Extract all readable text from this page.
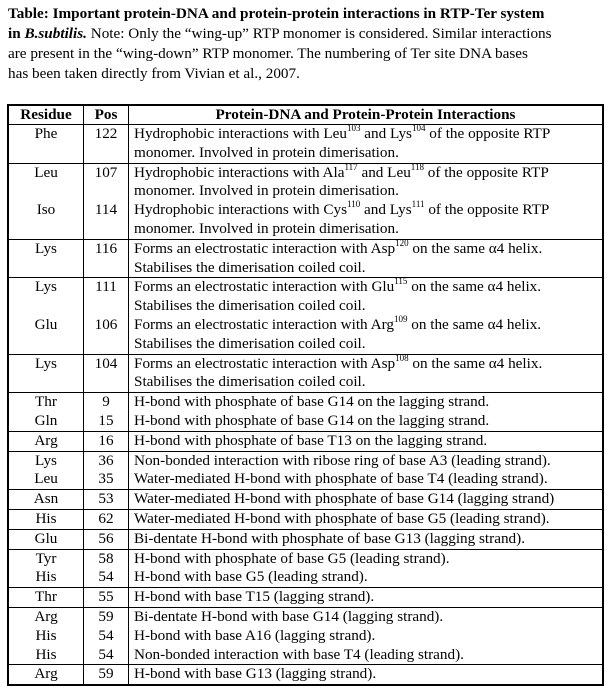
Table: Important protein-DNA and protein-protein interactions in RTP-Ter system
in B.subtilis. Note: Only the “wing-up” RTP monomer is considered. Similar interactions
are present in the “wing-down” RTP monomer. The numbering of Ter site DNA bases
has been taken directly from Vivian et al., 2007.
Residue	Pos	Protein-DNA and Protein-Protein Interactions
Phe	122	Hydrophobic interactions with Leu$^{103}$ and Lys$^{104}$ of the opposite RTP
monomer. Involved in protein dimerisation.

Leu	107	Hydrophobic interactions with Ala$^{117}$ and Leu$^{118}$ of the opposite RTP
monomer. Involved in protein dimerisation.

Iso	114	Hydrophobic interactions with Cys$^{110}$ and Lys$^{111}$ of the opposite RTP
monomer. Involved in protein dimerisation.

Lys	116	Forms an electrostatic interaction with Asp$^{120}$ on the same α4 helix.
Stabilises the dimerisation coiled coil.

Lys	111	Forms an electrostatic interaction with Glu$^{115}$ on the same α4 helix.
Stabilises the dimerisation coiled coil.

Glu	106	Forms an electrostatic interaction with Arg$^{109}$ on the same α4 helix.
Stabilises the dimerisation coiled coil.

Lys	104	Forms an electrostatic interaction with Asp$^{108}$ on the same α4 helix.
Stabilises the dimerisation coiled coil.

Thr	9	H-bond with phosphate of base G14 on the lagging strand.

Gln	15	H-bond with phosphate of base G14 on the lagging strand.

Arg	16	H-bond with phosphate of base T13 on the lagging strand.

Lys	36	Non-bonded interaction with ribose ring of base A3 (leading strand).

Leu	35	Water-mediated H-bond with phosphate of base T4 (leading strand).

Asn	53	Water-mediated H-bond with phosphate of base G14 (lagging strand)

His	62	Water-mediated H-bond with phosphate of base G5 (leading strand).

Glu	56	Bi-dentate H-bond with phosphate of base G13 (lagging strand).

Tyr	58	H-bond with phosphate of base G5 (leading strand).

His	54	H-bond with base G5 (leading strand).

Thr	55	H-bond with base T15 (lagging strand).

Arg	59	Bi-dentate H-bond with base G14 (lagging strand).

His	54	H-bond with base A16 (lagging strand).

His	54	Non-bonded interaction with base T4 (leading strand).

Arg	59	H-bond with base G13 (lagging strand).
